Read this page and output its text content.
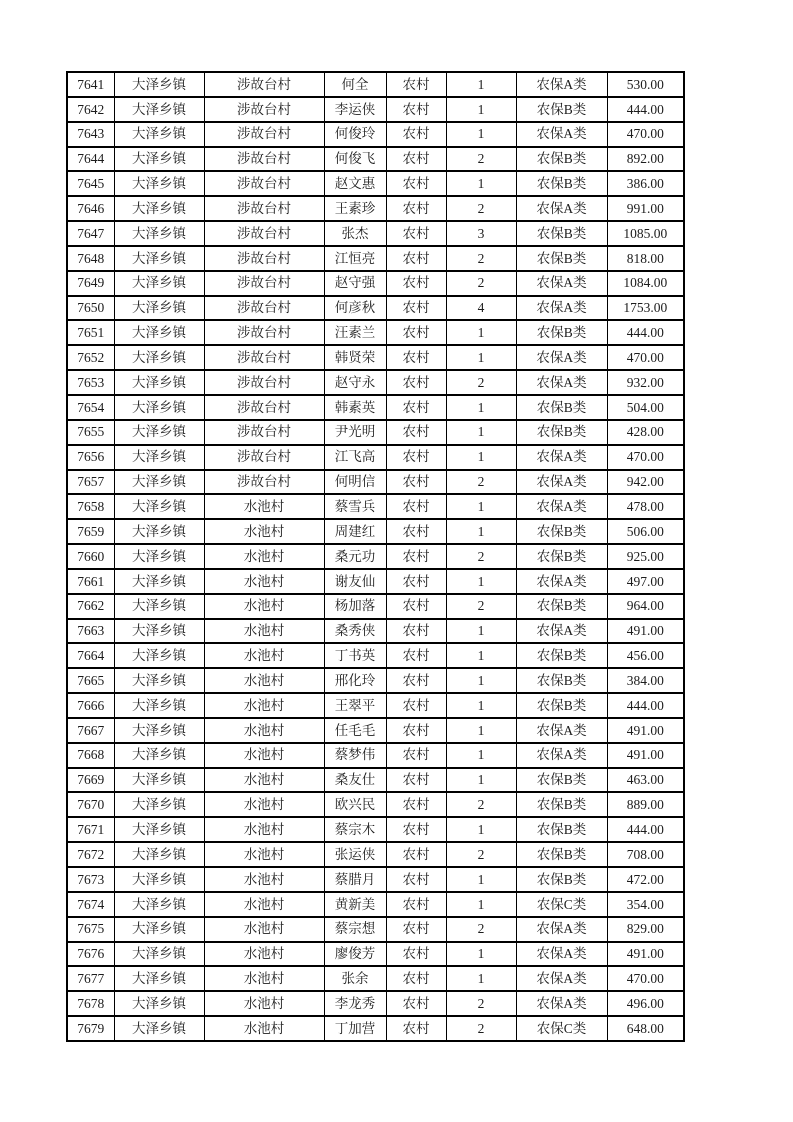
7641	大泽乡镇	涉故台村	何全	农村	1	农保A类	530.00
7642	大泽乡镇	涉故台村	李运侠	农村	1	农保B类	444.00
7643	大泽乡镇	涉故台村	何俊玲	农村	1	农保A类	470.00
7644	大泽乡镇	涉故台村	何俊飞	农村	2	农保B类	892.00
7645	大泽乡镇	涉故台村	赵文惠	农村	1	农保B类	386.00
7646	大泽乡镇	涉故台村	王素珍	农村	2	农保A类	991.00
7647	大泽乡镇	涉故台村	张杰	农村	3	农保B类	1085.00
7648	大泽乡镇	涉故台村	江恒亮	农村	2	农保B类	818.00
7649	大泽乡镇	涉故台村	赵守强	农村	2	农保A类	1084.00
7650	大泽乡镇	涉故台村	何彦秋	农村	4	农保A类	1753.00
7651	大泽乡镇	涉故台村	汪素兰	农村	1	农保B类	444.00
7652	大泽乡镇	涉故台村	韩贤荣	农村	1	农保A类	470.00
7653	大泽乡镇	涉故台村	赵守永	农村	2	农保A类	932.00
7654	大泽乡镇	涉故台村	韩素英	农村	1	农保B类	504.00
7655	大泽乡镇	涉故台村	尹光明	农村	1	农保B类	428.00
7656	大泽乡镇	涉故台村	江飞高	农村	1	农保A类	470.00
7657	大泽乡镇	涉故台村	何明信	农村	2	农保A类	942.00
7658	大泽乡镇	水池村	蔡雪兵	农村	1	农保A类	478.00
7659	大泽乡镇	水池村	周建红	农村	1	农保B类	506.00
7660	大泽乡镇	水池村	桑元功	农村	2	农保B类	925.00
7661	大泽乡镇	水池村	谢友仙	农村	1	农保A类	497.00
7662	大泽乡镇	水池村	杨加落	农村	2	农保B类	964.00
7663	大泽乡镇	水池村	桑秀侠	农村	1	农保A类	491.00
7664	大泽乡镇	水池村	丁书英	农村	1	农保B类	456.00
7665	大泽乡镇	水池村	邢化玲	农村	1	农保B类	384.00
7666	大泽乡镇	水池村	王翠平	农村	1	农保B类	444.00
7667	大泽乡镇	水池村	任毛毛	农村	1	农保A类	491.00
7668	大泽乡镇	水池村	蔡梦伟	农村	1	农保A类	491.00
7669	大泽乡镇	水池村	桑友仕	农村	1	农保B类	463.00
7670	大泽乡镇	水池村	欧兴民	农村	2	农保B类	889.00
7671	大泽乡镇	水池村	蔡宗木	农村	1	农保B类	444.00
7672	大泽乡镇	水池村	张运侠	农村	2	农保B类	708.00
7673	大泽乡镇	水池村	蔡腊月	农村	1	农保B类	472.00
7674	大泽乡镇	水池村	黄新美	农村	1	农保C类	354.00
7675	大泽乡镇	水池村	蔡宗想	农村	2	农保A类	829.00
7676	大泽乡镇	水池村	廖俊芳	农村	1	农保A类	491.00
7677	大泽乡镇	水池村	张余	农村	1	农保A类	470.00
7678	大泽乡镇	水池村	李龙秀	农村	2	农保A类	496.00
7679	大泽乡镇	水池村	丁加营	农村	2	农保C类	648.00
